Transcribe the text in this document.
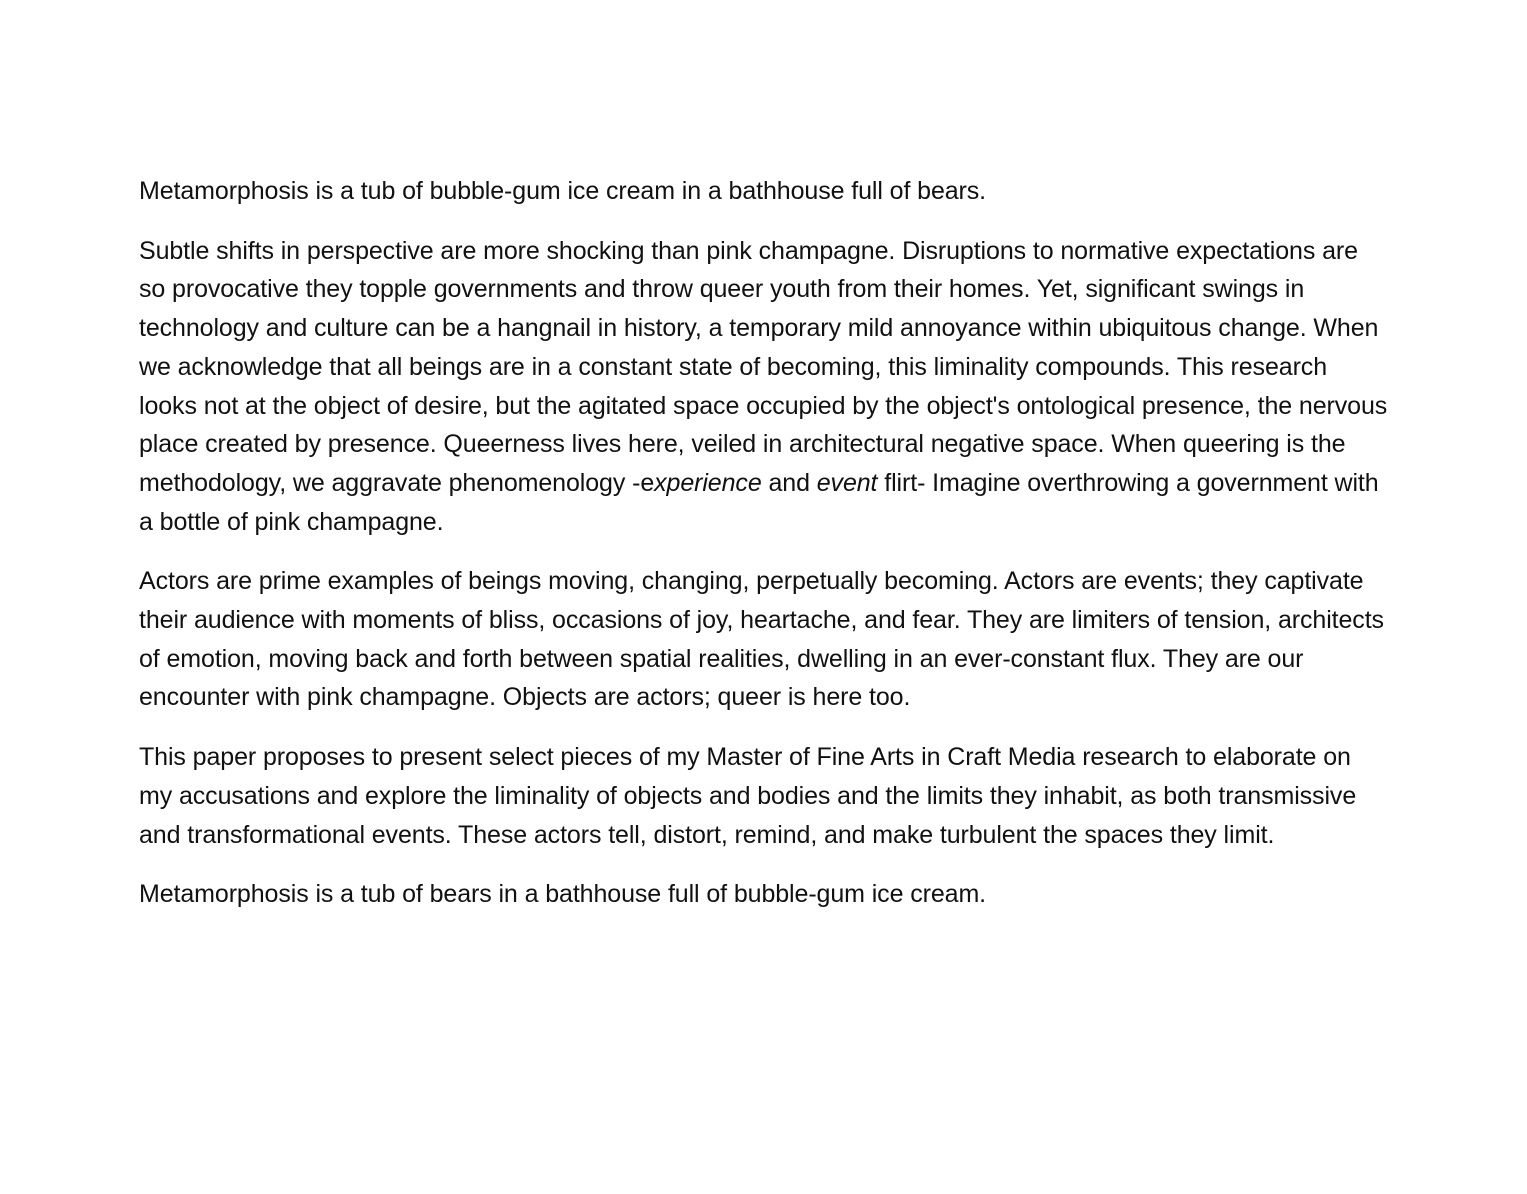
Metamorphosis is a tub of bubble-gum ice cream in a bathhouse full of bears.

Subtle shifts in perspective are more shocking than pink champagne. Disruptions to normative expectations are so provocative they topple governments and throw queer youth from their homes. Yet, significant swings in technology and culture can be a hangnail in history, a temporary mild annoyance within ubiquitous change. When we acknowledge that all beings are in a constant state of becoming, this liminality compounds. This research looks not at the object of desire, but the agitated space occupied by the object's ontological presence, the nervous place created by presence. Queerness lives here, veiled in architectural negative space. When queering is the methodology, we aggravate phenomenology -experience and event flirt- Imagine overthrowing a government with a bottle of pink champagne.

Actors are prime examples of beings moving, changing, perpetually becoming. Actors are events; they captivate their audience with moments of bliss, occasions of joy, heartache, and fear. They are limiters of tension, architects of emotion, moving back and forth between spatial realities, dwelling in an ever-constant flux. They are our encounter with pink champagne. Objects are actors; queer is here too.

This paper proposes to present select pieces of my Master of Fine Arts in Craft Media research to elaborate on my accusations and explore the liminality of objects and bodies and the limits they inhabit, as both transmissive and transformational events. These actors tell, distort, remind, and make turbulent the spaces they limit.

Metamorphosis is a tub of bears in a bathhouse full of bubble-gum ice cream.
